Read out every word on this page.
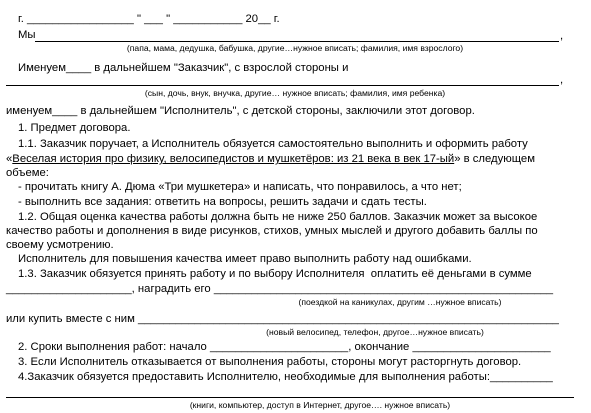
г. _________________ " ___ " ___________ 20__ г.
Мы	,
(папа, мама, дедушка, бабушка, другие…нужное вписать; фамилия, имя взрослого)
Именуем____ в дальнейшем "Заказчик", с взрослой стороны и
,
(сын, дочь, внук, внучка, другие… нужное вписать; фамилия, имя ребенка)
именуем____ в дальнейшем "Исполнитель", с детской стороны, заключили этот договор.
1. Предмет договора.
1.1. Заказчик поручает, а Исполнитель обязуется самостоятельно выполнить и оформить работу
«Веселая история про физику, велосипедистов и мушкетёров: из 21 века в век 17-ый» в следующем
объеме:
- прочитать книгу А. Дюма «Три мушкетера» и написать, что понравилось, а что нет;
- выполнить все задания: ответить на вопросы, решить задачи и сдать тесты.
1.2. Общая оценка качества работы должна быть не ниже 250 баллов. Заказчик может за высокое
качество работы и дополнения в виде рисунков, стихов, умных мыслей и другого добавить баллы по
своему усмотрению.
Исполнитель для повышения качества имеет право выполнить работу над ошибками.
1.3. Заказчик обязуется принять работу и по выбору Исполнителя  оплатить её деньгами в сумме
____________________, наградить его ______________________________________________________
(поездкой на каникулах, другим …нужное вписать)
или купить вместе с ним ___________________________________________________________________
(новый велосипед, телефон, другое…нужное вписать)
2. Сроки выполнения работ: начало ______________________, окончание ______________________
3. Если Исполнитель отказывается от выполнения работы, стороны могут расторгнуть договор.
4.Заказчик обязуется предоставить Исполнителю, необходимые для выполнения работы:__________
(книги, компьютер, доступ в Интернет, другое…. нужное вписать)
